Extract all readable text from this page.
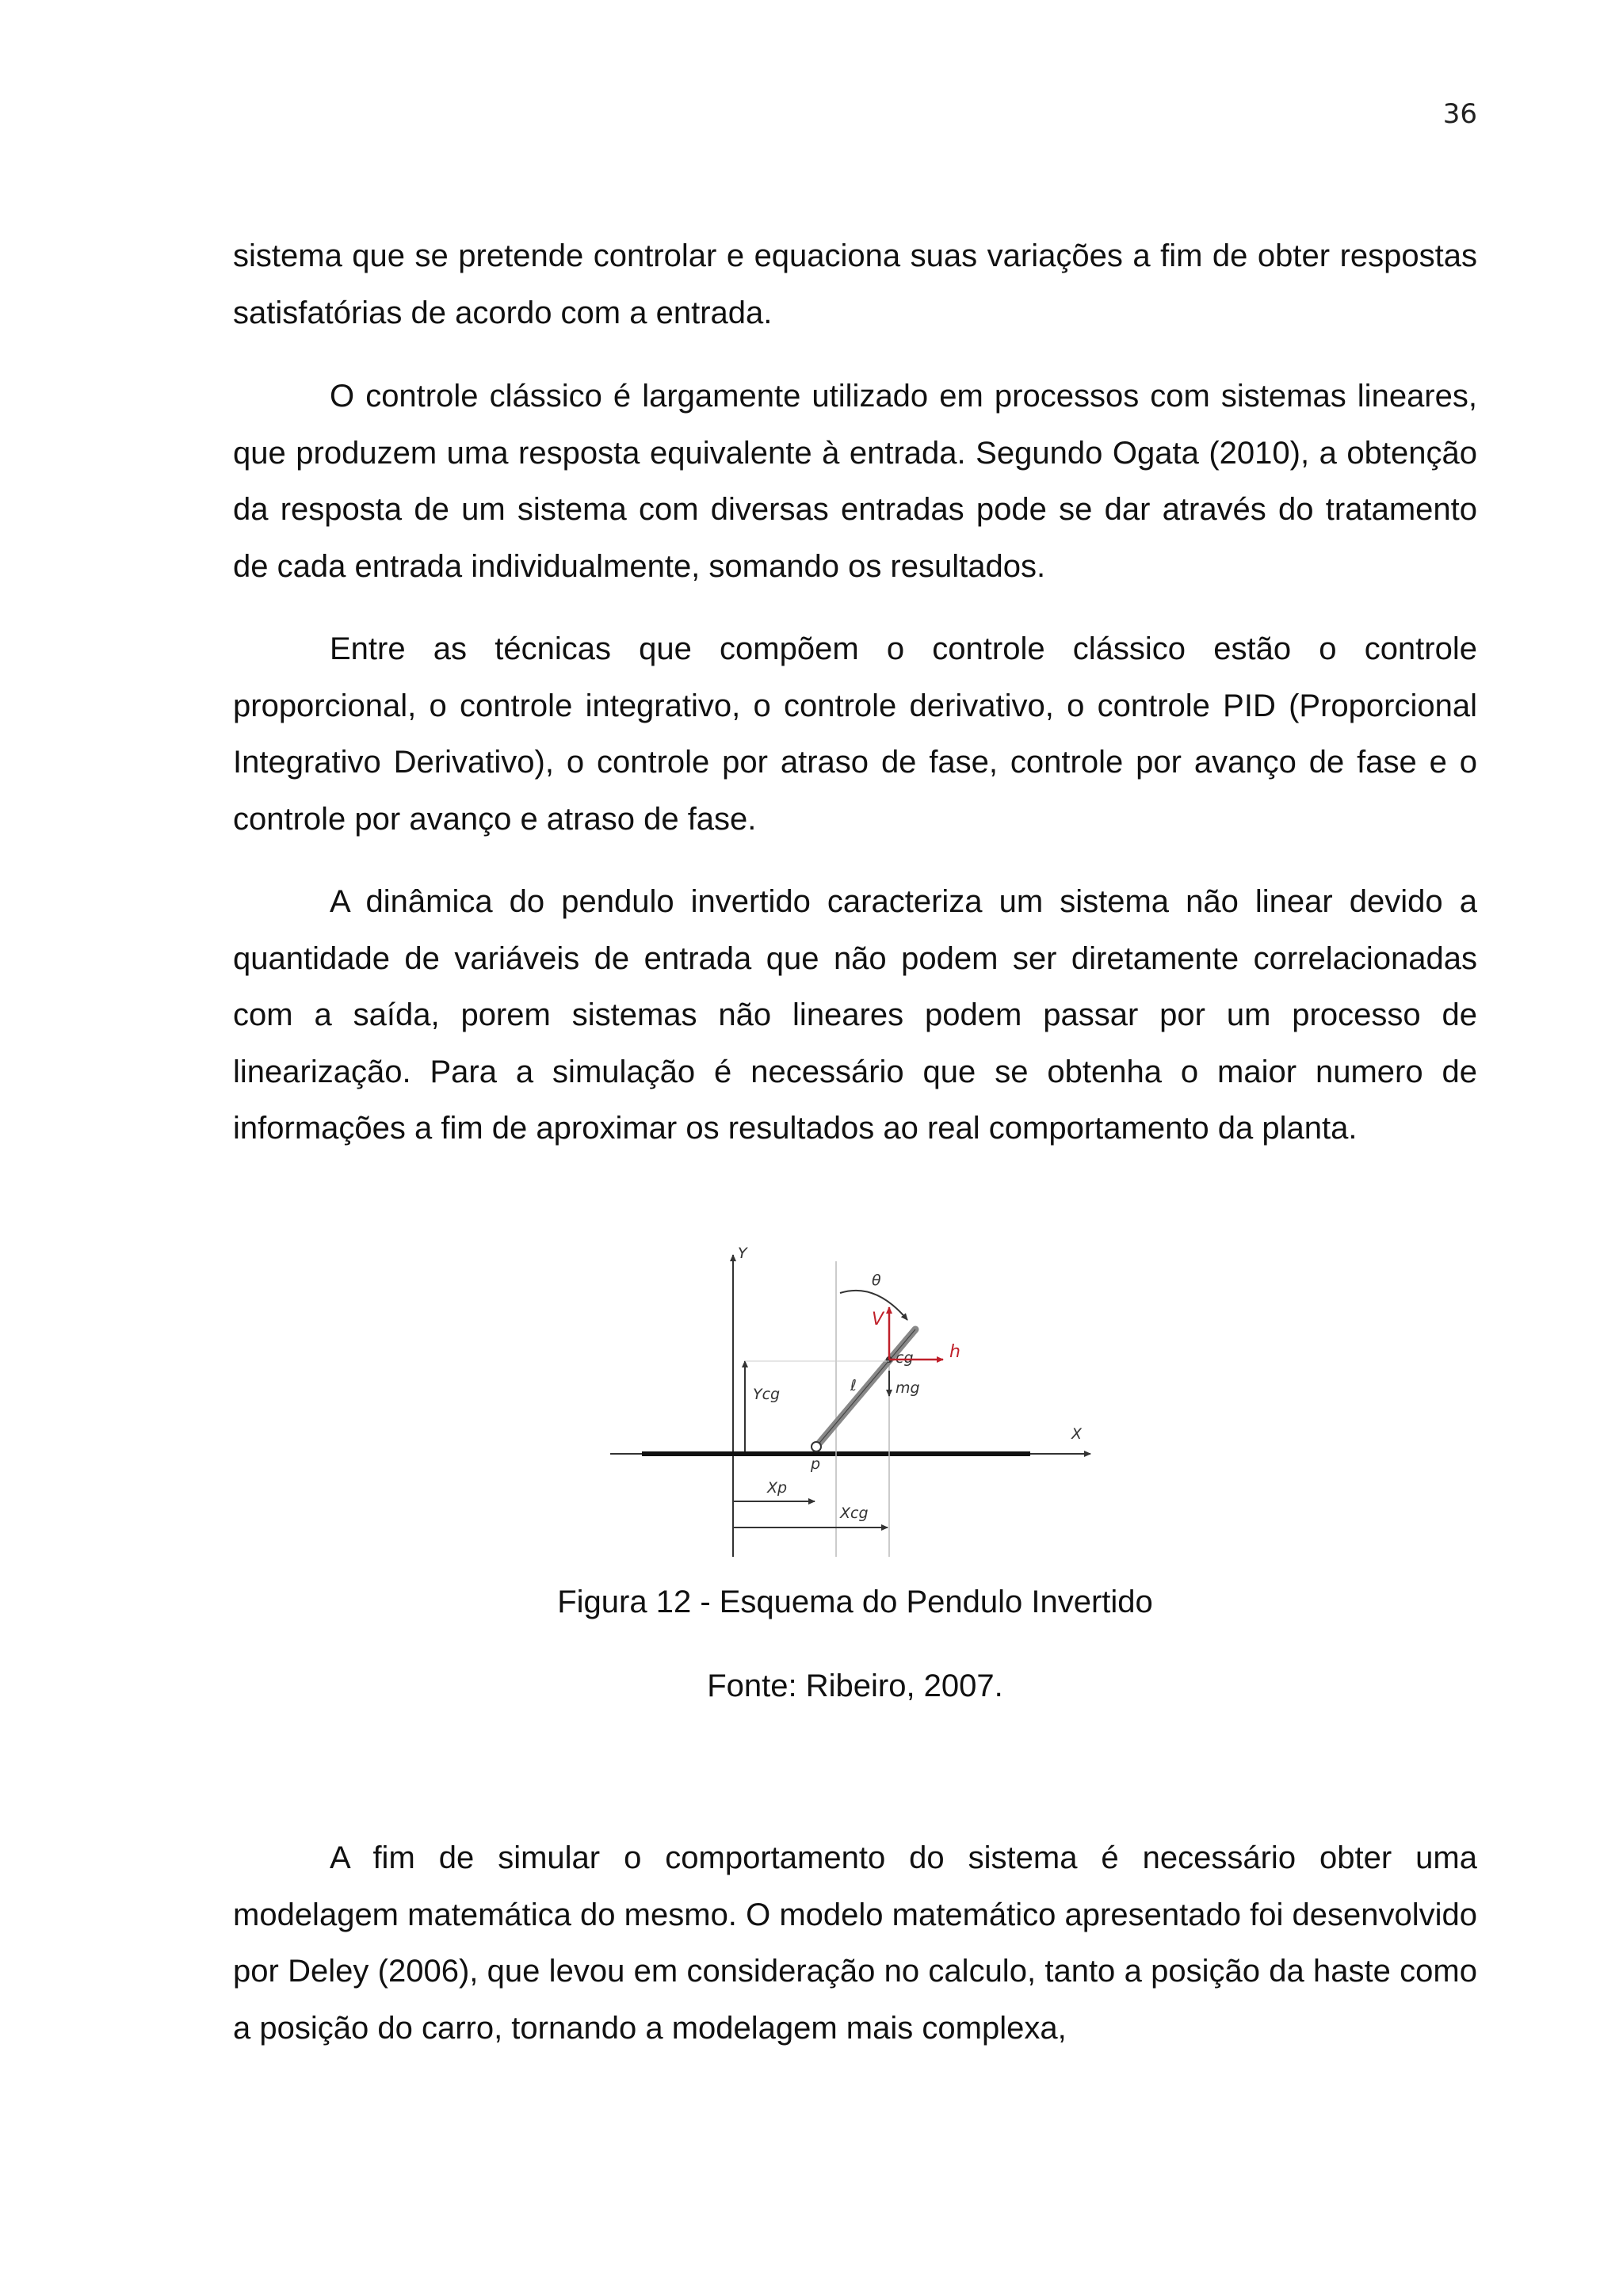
36

sistema que se pretende controlar e equaciona suas variações a fim de obter respostas satisfatórias de acordo com a entrada.

O controle clássico é largamente utilizado em processos com sistemas lineares, que produzem uma resposta equivalente à entrada. Segundo Ogata (2010), a obtenção da resposta de um sistema com diversas entradas pode se dar através do tratamento de cada entrada individualmente, somando os resultados.

Entre as técnicas que compõem o controle clássico estão o controle proporcional, o controle integrativo, o controle derivativo, o controle PID (Proporcional Integrativo Derivativo), o controle por atraso de fase, controle por avanço de fase e o controle por avanço e atraso de fase.

A dinâmica do pendulo invertido caracteriza um sistema não linear devido a quantidade de variáveis de entrada que não podem ser diretamente correlacionadas com a saída, porem sistemas não lineares podem passar por um processo de linearização. Para a simulação é necessário que se obtenha o maior numero de informações a fim de aproximar os resultados ao real comportamento da planta.

Y
X
p
cg
V
h
mg
θ
ℓ
Ycg
Xp
Xcg

Figura 12 - Esquema do Pendulo Invertido

Fonte: Ribeiro, 2007.

A fim de simular o comportamento do sistema é necessário obter uma modelagem matemática do mesmo. O modelo matemático apresentado foi desenvolvido por Deley (2006), que levou em consideração no calculo, tanto a posição da haste como a posição do carro, tornando a modelagem mais complexa,
